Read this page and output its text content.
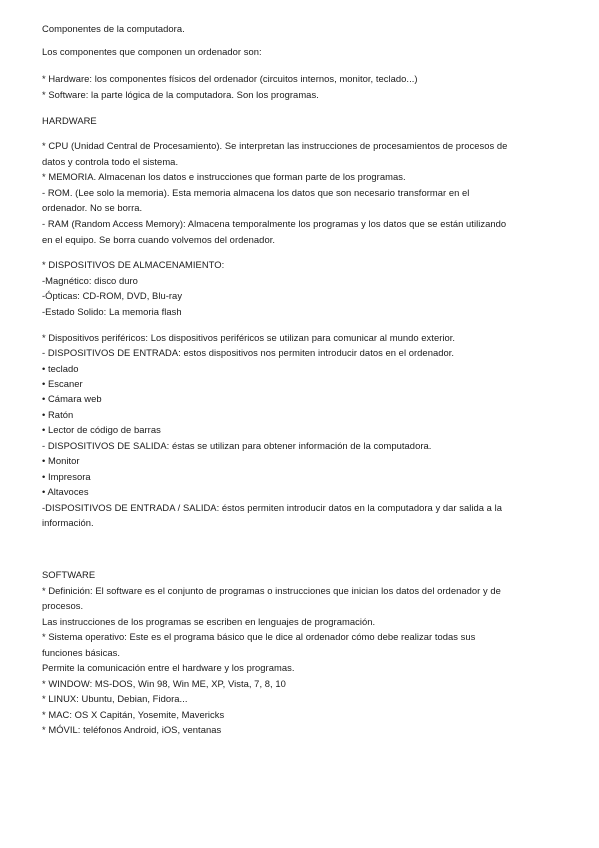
Componentes de la computadora.
Los componentes que componen un ordenador son:
* Hardware: los componentes físicos del ordenador (circuitos internos, monitor, teclado...)
* Software: la parte lógica de la computadora. Son los programas.
HARDWARE
* CPU (Unidad Central de Procesamiento). Se interpretan las instrucciones de procesamientos de procesos de
datos y controla todo el sistema.
* MEMORIA. Almacenan los datos e instrucciones que forman parte de los programas.
- ROM. (Lee solo la memoria). Esta memoria almacena los datos que son necesario transformar en el
ordenador. No se borra.
- RAM (Random Access Memory): Almacena temporalmente los programas y los datos que se están utilizando
en el equipo. Se borra cuando volvemos del ordenador.
* DISPOSITIVOS DE ALMACENAMIENTO:
-Magnético: disco duro
-Ópticas: CD-ROM, DVD, Blu-ray
-Estado Solido: La memoria flash
* Dispositivos periféricos: Los dispositivos periféricos se utilizan para comunicar al mundo exterior.
- DISPOSITIVOS DE ENTRADA: estos dispositivos nos permiten introducir datos en el ordenador.
• teclado
• Escaner
• Cámara web
• Ratón
• Lector de código de barras
- DISPOSITIVOS DE SALIDA: éstas se utilizan para obtener información de la computadora.
• Monitor
• Impresora
• Altavoces
-DISPOSITIVOS DE ENTRADA / SALIDA: éstos permiten introducir datos en la computadora y dar salida a la
información.
SOFTWARE
* Definición: El software es el conjunto de programas o instrucciones que inician los datos del ordenador y de
procesos.
Las instrucciones de los programas se escriben en lenguajes de programación.
* Sistema operativo: Este es el programa básico que le dice al ordenador cómo debe realizar todas sus
funciones básicas.
Permite la comunicación entre el hardware y los programas.
* WINDOW: MS-DOS, Win 98, Win ME, XP, Vista, 7, 8, 10
* LINUX: Ubuntu, Debian, Fidora...
* MAC: OS X Capitán, Yosemite, Mavericks
* MÓVIL: teléfonos Android, iOS, ventanas
